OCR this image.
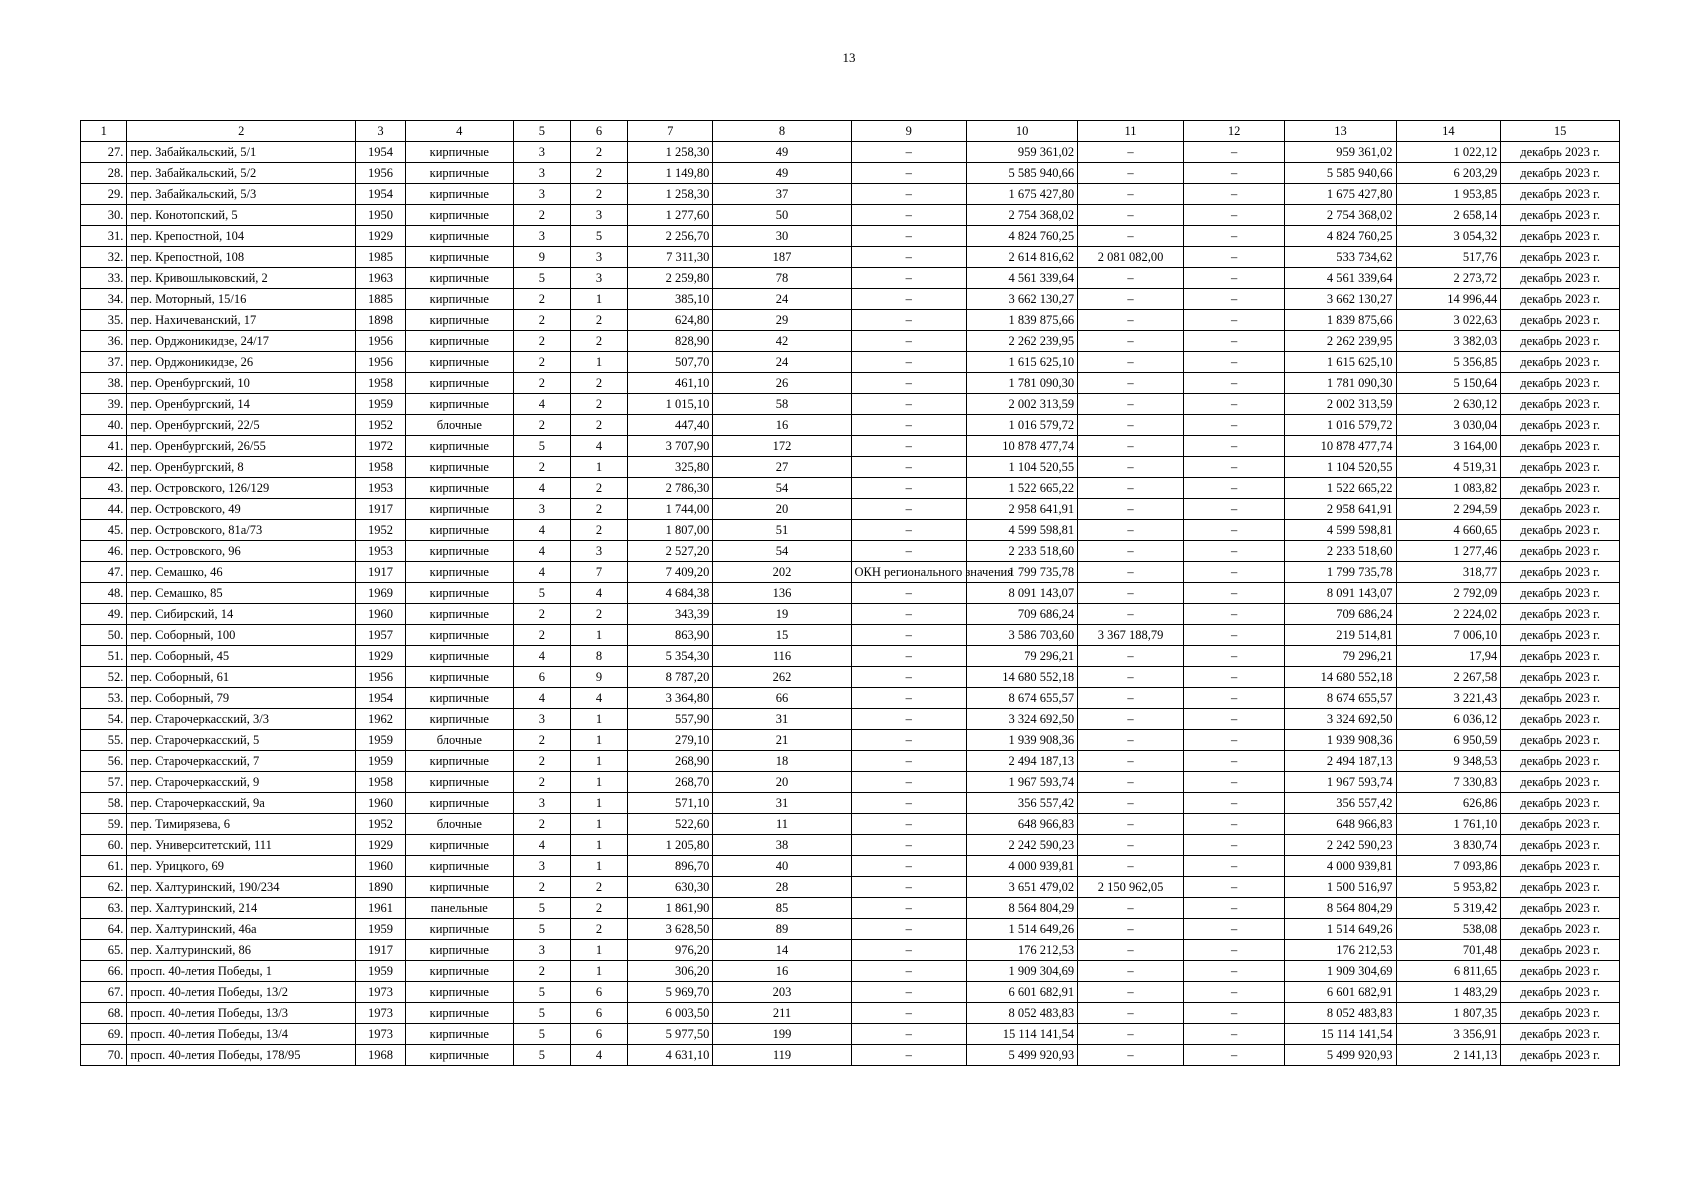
13
1	2	3	4	5	6	7	8	9	10	11	12	13	14	15
27.	пер. Забайкальский, 5/1	1954	кирпичные	3	2	1 258,30	49	–	959 361,02	–	–	959 361,02	1 022,12	декабрь 2023 г.
28.	пер. Забайкальский, 5/2	1956	кирпичные	3	2	1 149,80	49	–	5 585 940,66	–	–	5 585 940,66	6 203,29	декабрь 2023 г.
29.	пер. Забайкальский, 5/3	1954	кирпичные	3	2	1 258,30	37	–	1 675 427,80	–	–	1 675 427,80	1 953,85	декабрь 2023 г.
30.	пер. Конотопский, 5	1950	кирпичные	2	3	1 277,60	50	–	2 754 368,02	–	–	2 754 368,02	2 658,14	декабрь 2023 г.
31.	пер. Крепостной, 104	1929	кирпичные	3	5	2 256,70	30	–	4 824 760,25	–	–	4 824 760,25	3 054,32	декабрь 2023 г.
32.	пер. Крепостной, 108	1985	кирпичные	9	3	7 311,30	187	–	2 614 816,62	2 081 082,00	–	533 734,62	517,76	декабрь 2023 г.
33.	пер. Кривошлыковский, 2	1963	кирпичные	5	3	2 259,80	78	–	4 561 339,64	–	–	4 561 339,64	2 273,72	декабрь 2023 г.
34.	пер. Моторный, 15/16	1885	кирпичные	2	1	385,10	24	–	3 662 130,27	–	–	3 662 130,27	14 996,44	декабрь 2023 г.
35.	пер. Нахичеванский, 17	1898	кирпичные	2	2	624,80	29	–	1 839 875,66	–	–	1 839 875,66	3 022,63	декабрь 2023 г.
36.	пер. Орджоникидзе, 24/17	1956	кирпичные	2	2	828,90	42	–	2 262 239,95	–	–	2 262 239,95	3 382,03	декабрь 2023 г.
37.	пер. Орджоникидзе, 26	1956	кирпичные	2	1	507,70	24	–	1 615 625,10	–	–	1 615 625,10	5 356,85	декабрь 2023 г.
38.	пер. Оренбургский, 10	1958	кирпичные	2	2	461,10	26	–	1 781 090,30	–	–	1 781 090,30	5 150,64	декабрь 2023 г.
39.	пер. Оренбургский, 14	1959	кирпичные	4	2	1 015,10	58	–	2 002 313,59	–	–	2 002 313,59	2 630,12	декабрь 2023 г.
40.	пер. Оренбургский, 22/5	1952	блочные	2	2	447,40	16	–	1 016 579,72	–	–	1 016 579,72	3 030,04	декабрь 2023 г.
41.	пер. Оренбургский, 26/55	1972	кирпичные	5	4	3 707,90	172	–	10 878 477,74	–	–	10 878 477,74	3 164,00	декабрь 2023 г.
42.	пер. Оренбургский, 8	1958	кирпичные	2	1	325,80	27	–	1 104 520,55	–	–	1 104 520,55	4 519,31	декабрь 2023 г.
43.	пер. Островского, 126/129	1953	кирпичные	4	2	2 786,30	54	–	1 522 665,22	–	–	1 522 665,22	1 083,82	декабрь 2023 г.
44.	пер. Островского, 49	1917	кирпичные	3	2	1 744,00	20	–	2 958 641,91	–	–	2 958 641,91	2 294,59	декабрь 2023 г.
45.	пер. Островского, 81а/73	1952	кирпичные	4	2	1 807,00	51	–	4 599 598,81	–	–	4 599 598,81	4 660,65	декабрь 2023 г.
46.	пер. Островского, 96	1953	кирпичные	4	3	2 527,20	54	–	2 233 518,60	–	–	2 233 518,60	1 277,46	декабрь 2023 г.
47.	пер. Семашко, 46	1917	кирпичные	4	7	7 409,20	202	ОКН регионального значения	1 799 735,78	–	–	1 799 735,78	318,77	декабрь 2023 г.
48.	пер. Семашко, 85	1969	кирпичные	5	4	4 684,38	136	–	8 091 143,07	–	–	8 091 143,07	2 792,09	декабрь 2023 г.
49.	пер. Сибирский, 14	1960	кирпичные	2	2	343,39	19	–	709 686,24	–	–	709 686,24	2 224,02	декабрь 2023 г.
50.	пер. Соборный, 100	1957	кирпичные	2	1	863,90	15	–	3 586 703,60	3 367 188,79	–	219 514,81	7 006,10	декабрь 2023 г.
51.	пер. Соборный, 45	1929	кирпичные	4	8	5 354,30	116	–	79 296,21	–	–	79 296,21	17,94	декабрь 2023 г.
52.	пер. Соборный, 61	1956	кирпичные	6	9	8 787,20	262	–	14 680 552,18	–	–	14 680 552,18	2 267,58	декабрь 2023 г.
53.	пер. Соборный, 79	1954	кирпичные	4	4	3 364,80	66	–	8 674 655,57	–	–	8 674 655,57	3 221,43	декабрь 2023 г.
54.	пер. Старочеркасский, 3/3	1962	кирпичные	3	1	557,90	31	–	3 324 692,50	–	–	3 324 692,50	6 036,12	декабрь 2023 г.
55.	пер. Старочеркасский, 5	1959	блочные	2	1	279,10	21	–	1 939 908,36	–	–	1 939 908,36	6 950,59	декабрь 2023 г.
56.	пер. Старочеркасский, 7	1959	кирпичные	2	1	268,90	18	–	2 494 187,13	–	–	2 494 187,13	9 348,53	декабрь 2023 г.
57.	пер. Старочеркасский, 9	1958	кирпичные	2	1	268,70	20	–	1 967 593,74	–	–	1 967 593,74	7 330,83	декабрь 2023 г.
58.	пер. Старочеркасский, 9а	1960	кирпичные	3	1	571,10	31	–	356 557,42	–	–	356 557,42	626,86	декабрь 2023 г.
59.	пер. Тимирязева, 6	1952	блочные	2	1	522,60	11	–	648 966,83	–	–	648 966,83	1 761,10	декабрь 2023 г.
60.	пер. Университетский, 111	1929	кирпичные	4	1	1 205,80	38	–	2 242 590,23	–	–	2 242 590,23	3 830,74	декабрь 2023 г.
61.	пер. Урицкого, 69	1960	кирпичные	3	1	896,70	40	–	4 000 939,81	–	–	4 000 939,81	7 093,86	декабрь 2023 г.
62.	пер. Халтуринский, 190/234	1890	кирпичные	2	2	630,30	28	–	3 651 479,02	2 150 962,05	–	1 500 516,97	5 953,82	декабрь 2023 г.
63.	пер. Халтуринский, 214	1961	панельные	5	2	1 861,90	85	–	8 564 804,29	–	–	8 564 804,29	5 319,42	декабрь 2023 г.
64.	пер. Халтуринский, 46а	1959	кирпичные	5	2	3 628,50	89	–	1 514 649,26	–	–	1 514 649,26	538,08	декабрь 2023 г.
65.	пер. Халтуринский, 86	1917	кирпичные	3	1	976,20	14	–	176 212,53	–	–	176 212,53	701,48	декабрь 2023 г.
66.	просп. 40-летия Победы, 1	1959	кирпичные	2	1	306,20	16	–	1 909 304,69	–	–	1 909 304,69	6 811,65	декабрь 2023 г.
67.	просп. 40-летия Победы, 13/2	1973	кирпичные	5	6	5 969,70	203	–	6 601 682,91	–	–	6 601 682,91	1 483,29	декабрь 2023 г.
68.	просп. 40-летия Победы, 13/3	1973	кирпичные	5	6	6 003,50	211	–	8 052 483,83	–	–	8 052 483,83	1 807,35	декабрь 2023 г.
69.	просп. 40-летия Победы, 13/4	1973	кирпичные	5	6	5 977,50	199	–	15 114 141,54	–	–	15 114 141,54	3 356,91	декабрь 2023 г.
70.	просп. 40-летия Победы, 178/95	1968	кирпичные	5	4	4 631,10	119	–	5 499 920,93	–	–	5 499 920,93	2 141,13	декабрь 2023 г.
